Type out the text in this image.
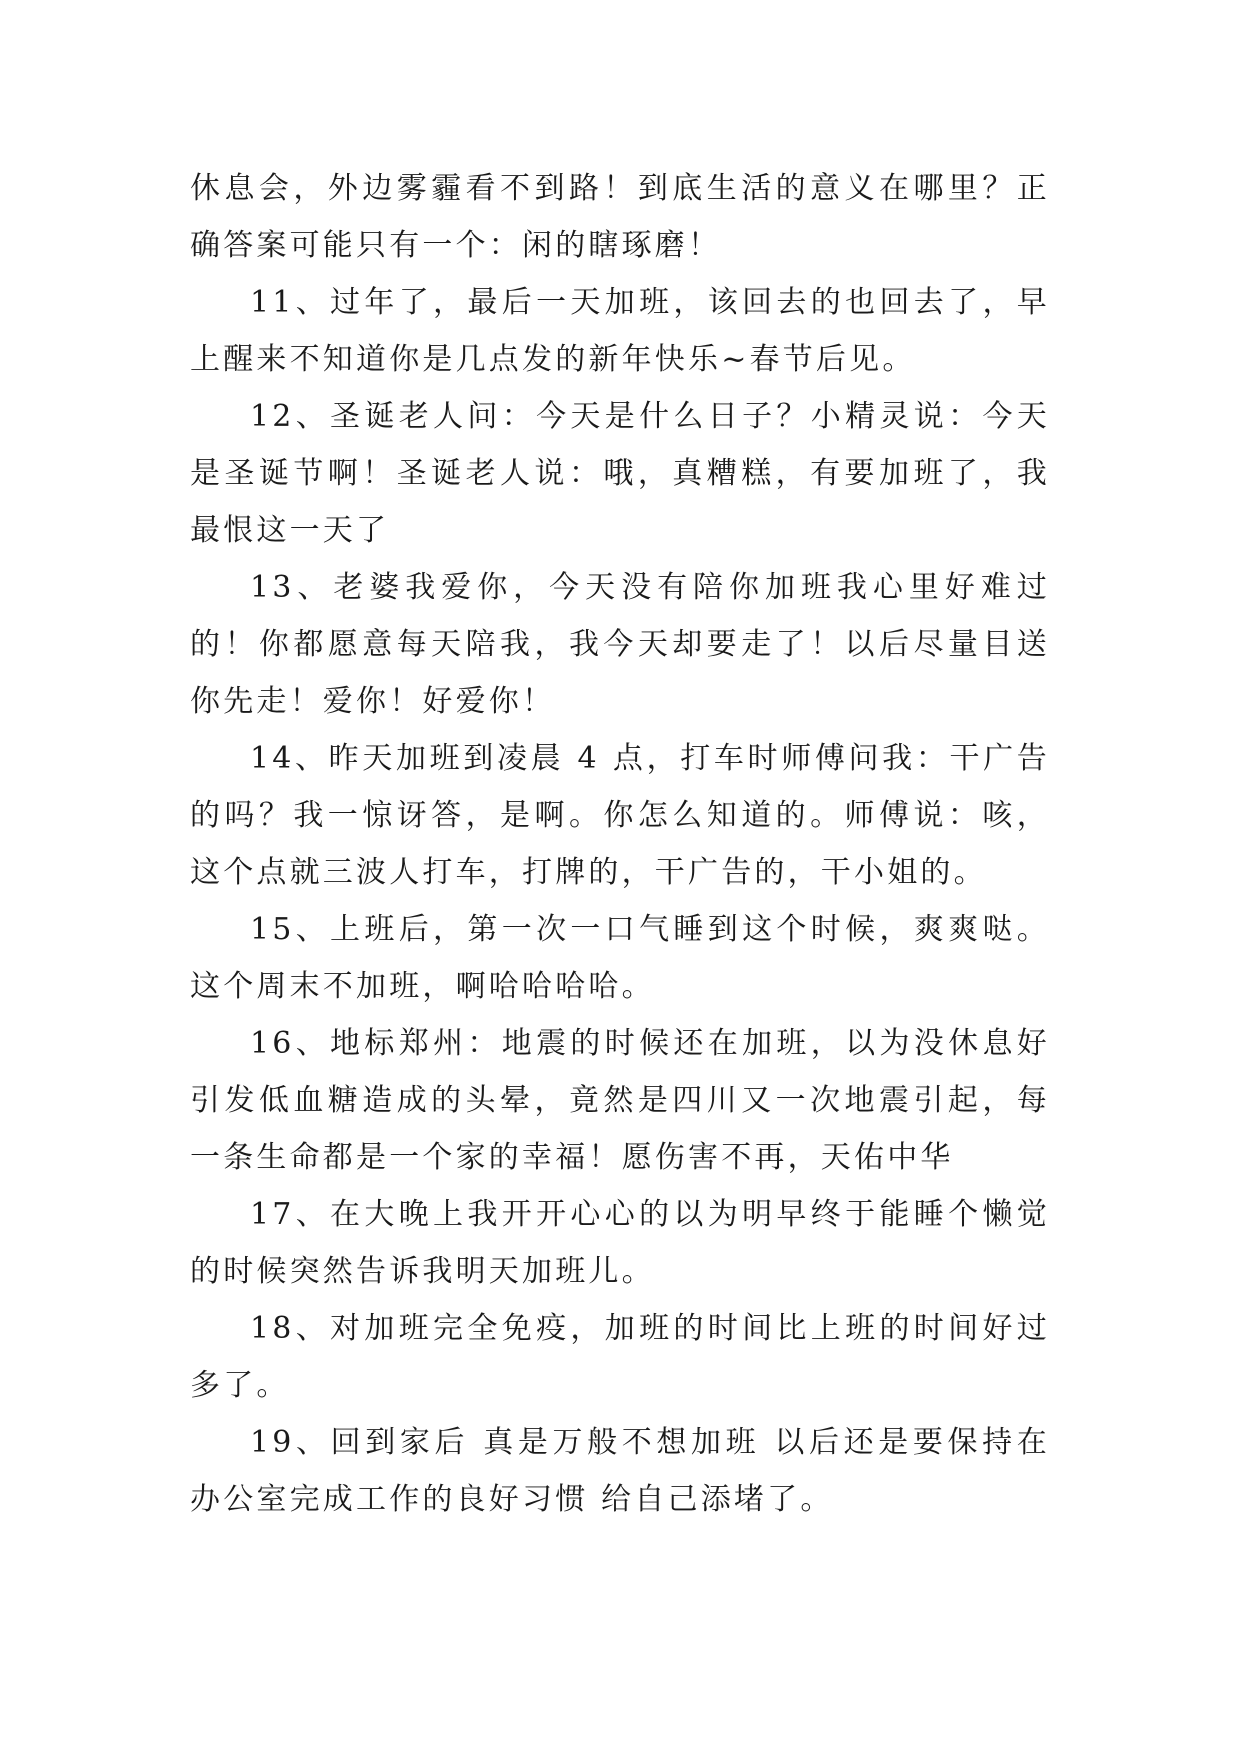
休息会，外边雾霾看不到路！到底生活的意义在哪里？正确答案可能只有一个：闲的瞎琢磨！

11、过年了，最后一天加班，该回去的也回去了，早上醒来不知道你是几点发的新年快乐~春节后见。

12、圣诞老人问：今天是什么日子？小精灵说：今天是圣诞节啊！圣诞老人说：哦，真糟糕，有要加班了，我最恨这一天了

13、老婆我爱你，今天没有陪你加班我心里好难过的！你都愿意每天陪我，我今天却要走了！以后尽量目送你先走！爱你！好爱你！

14、昨天加班到凌晨 4 点，打车时师傅问我：干广告的吗？我一惊讶答，是啊。你怎么知道的。师傅说：咳，这个点就三波人打车，打牌的，干广告的，干小姐的。

15、上班后，第一次一口气睡到这个时候，爽爽哒。这个周末不加班，啊哈哈哈哈。

16、地标郑州：地震的时候还在加班，以为没休息好引发低血糖造成的头晕，竟然是四川又一次地震引起，每一条生命都是一个家的幸福！愿伤害不再，天佑中华

17、在大晚上我开开心心的以为明早终于能睡个懒觉的时候突然告诉我明天加班儿。

18、对加班完全免疫，加班的时间比上班的时间好过多了。

19、回到家后 真是万般不想加班 以后还是要保持在办公室完成工作的良好习惯 给自己添堵了。
